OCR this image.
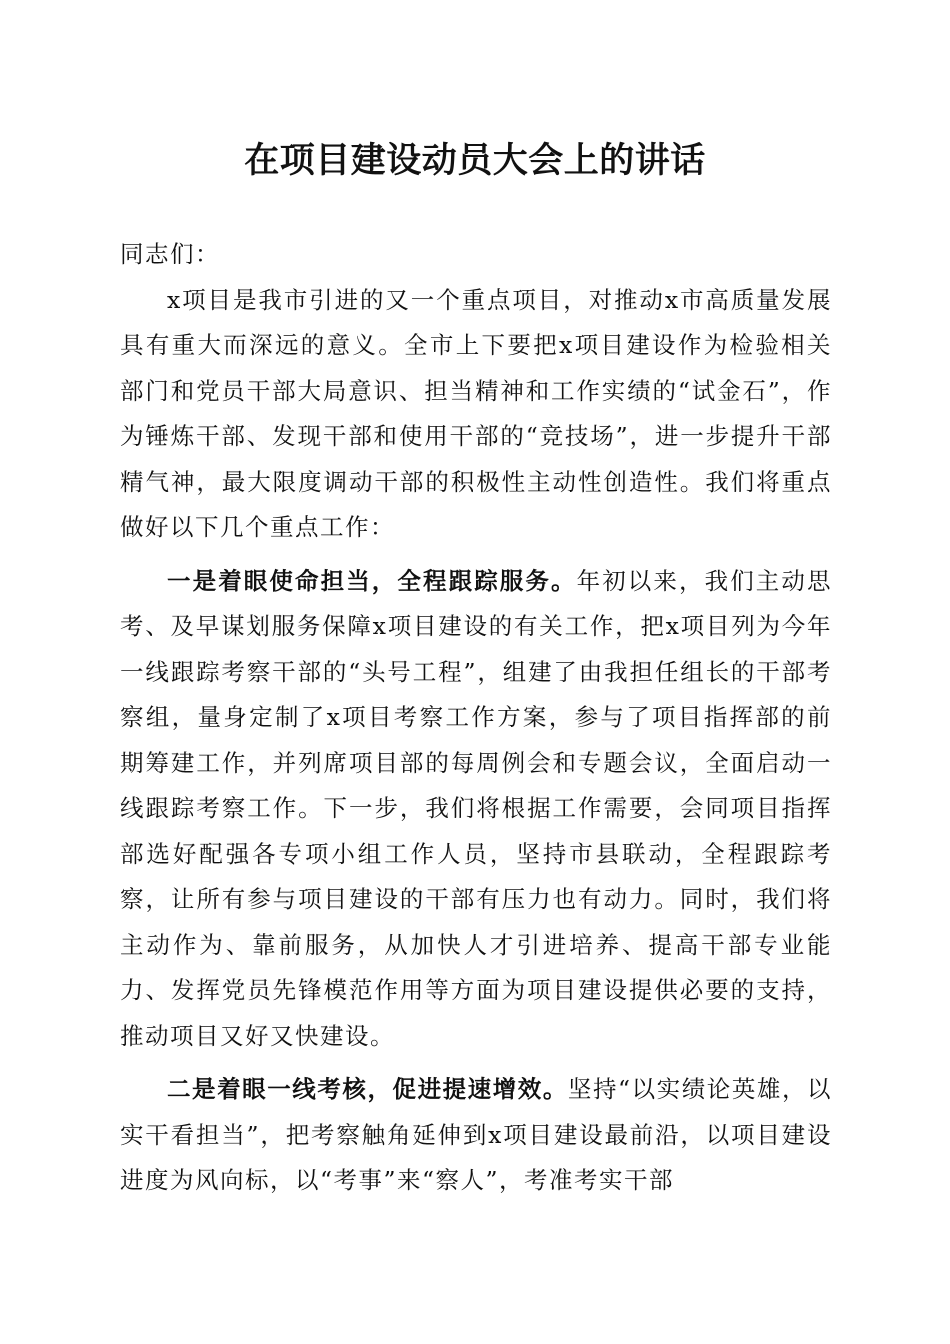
在项目建设动员大会上的讲话

同志们：

x项目是我市引进的又一个重点项目，对推动x市高质量发展具有重大而深远的意义。全市上下要把x项目建设作为检验相关部门和党员干部大局意识、担当精神和工作实绩的“试金石”，作为锤炼干部、发现干部和使用干部的“竞技场”，进一步提升干部精气神，最大限度调动干部的积极性主动性创造性。我们将重点做好以下几个重点工作：

一是着眼使命担当，全程跟踪服务。年初以来，我们主动思考、及早谋划服务保障x项目建设的有关工作，把x项目列为今年一线跟踪考察干部的“头号工程”，组建了由我担任组长的干部考察组，量身定制了x项目考察工作方案，参与了项目指挥部的前期筹建工作，并列席项目部的每周例会和专题会议，全面启动一线跟踪考察工作。下一步，我们将根据工作需要，会同项目指挥部选好配强各专项小组工作人员，坚持市县联动，全程跟踪考察，让所有参与项目建设的干部有压力也有动力。同时，我们将主动作为、靠前服务，从加快人才引进培养、提高干部专业能力、发挥党员先锋模范作用等方面为项目建设提供必要的支持，推动项目又好又快建设。

二是着眼一线考核，促进提速增效。坚持“以实绩论英雄，以实干看担当”，把考察触角延伸到x项目建设最前沿，以项目建设进度为风向标，以“考事”来“察人”，考准考实干部
